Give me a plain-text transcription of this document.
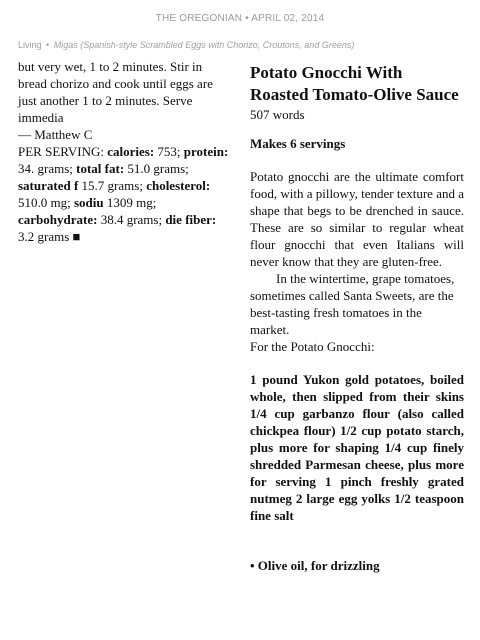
THE OREGONIAN • APRIL 02, 2014
Living • Migas (Spanish-style Scrambled Eggs with Chorizo, Croutons, and Greens)

but very wet, 1 to 2 minutes. Stir in bread chorizo and cook until eggs are just another 1 to 2 minutes. Serve immedia

— Matthew C

PER SERVING: calories: 753; protein: 34. grams; total fat: 51.0 grams; saturated f 15.7 grams; cholesterol: 510.0 mg; sodiu 1309 mg; carbohydrate: 38.4 grams; die fiber: 3.2 grams ■

Potato Gnocchi With Roasted Tomato-Olive Sauce

507 words

Makes 6 servings

Potato gnocchi are the ultimate comfort food, with a pillowy, tender texture and a shape that begs to be drenched in sauce. These are so similar to regular wheat flour gnocchi that even Italians will never know that they are gluten-free.

In the wintertime, grape tomatoes, sometimes called Santa Sweets, are the best-tasting fresh tomatoes in the market.

For the Potato Gnocchi:

1 pound Yukon gold potatoes, boiled whole, then slipped from their skins 1/4 cup garbanzo flour (also called chickpea flour) 1/2 cup potato starch, plus more for shaping 1/4 cup finely shredded Parmesan cheese, plus more for serving 1 pinch freshly grated nutmeg 2 large egg yolks 1/2 teaspoon fine salt

• Olive oil, for drizzling
